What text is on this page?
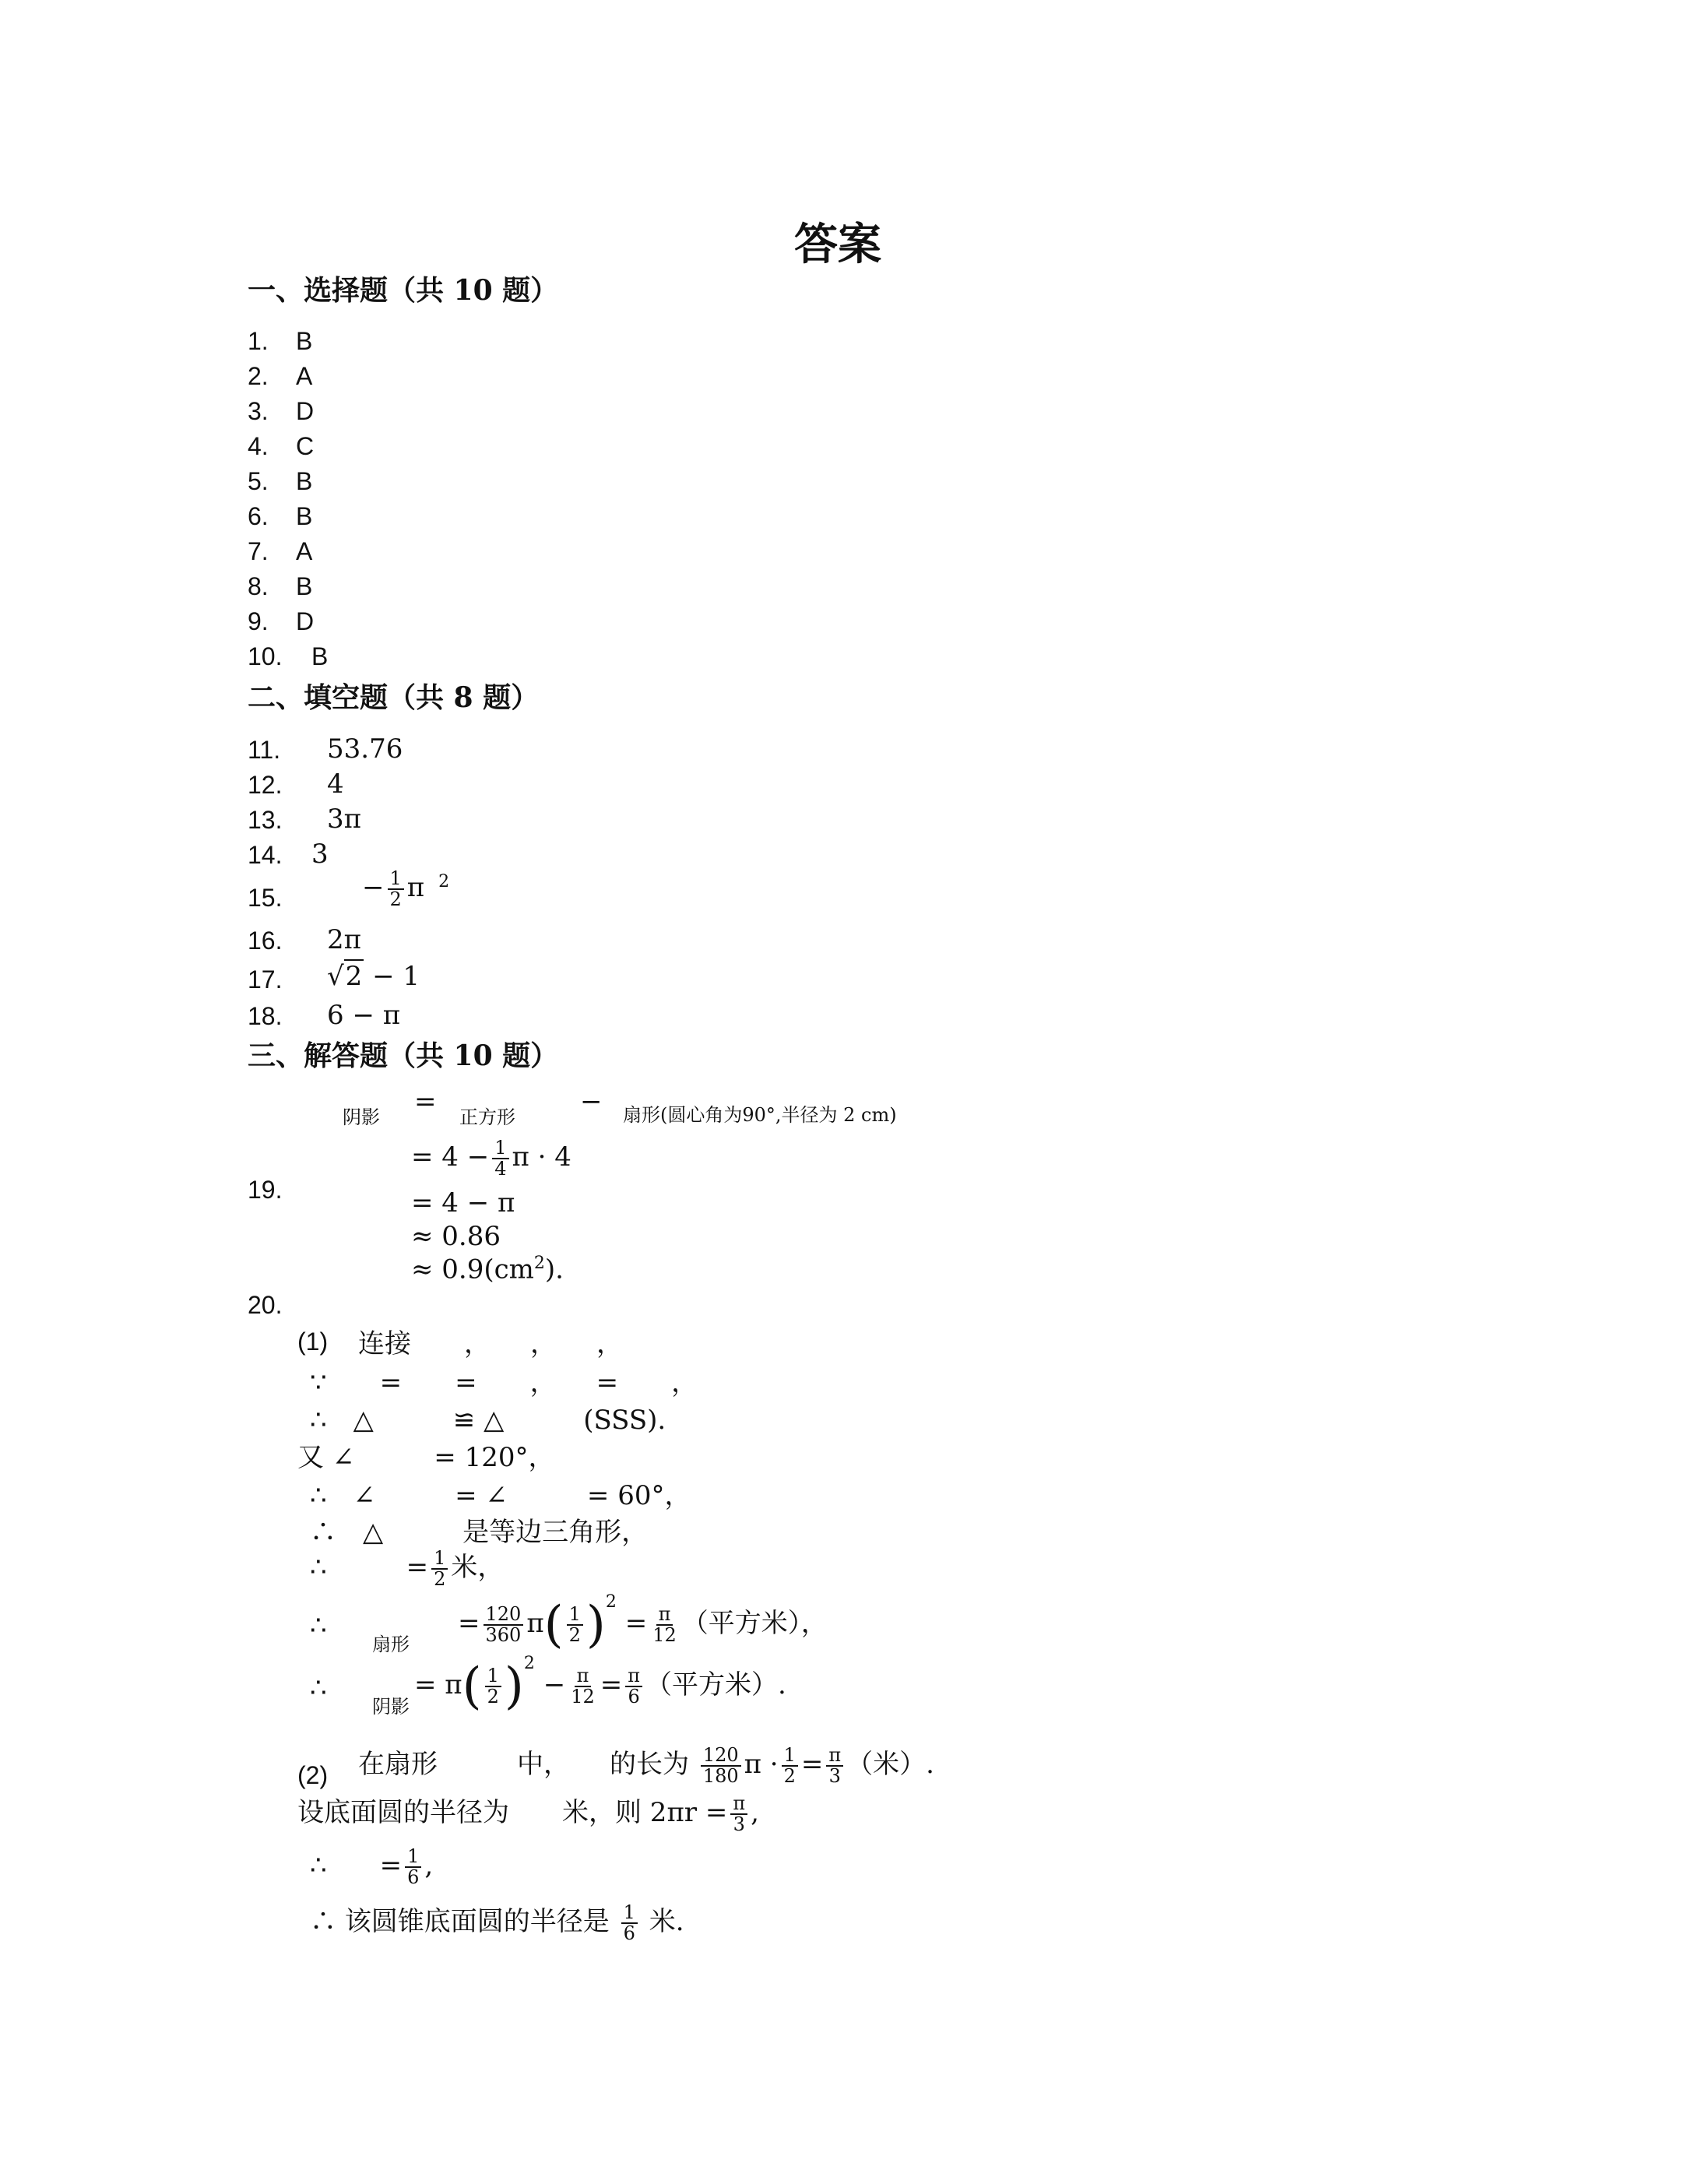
答案
一、选择题（共 10 题）
1. B
2. A
3. D
4. C
5. B
6. B
7. A
8. B
9. D
10. B
二、填空题（共 8 题）
11. 53.76
12. 4
13. 3π
14. 3
15.	− $\frac{1}{2}$ π $^2$
16. 2π
17. √2 − 1
18. 6 − π
三、解答题（共 10 题）
19.
阴影 = 正方形 − 扇形(圆心角为90°,半径为 2 cm)
= $4 - \frac{1}{4}$ π · 4
= 4 − π
≈ 0.86
≈ $0.9(cm^2)$.
20.
(1) 连接　　，　　，　　，
∵　　=　　=　　，　　=　　，
∴　△　　　≌ △　　　(SSS).
又 ∠　　　= 120°，
∴　∠　　　= ∠　　　= 60°，
∴　△　　　是等边三角形，
∴　　　= $\frac{1}{2}$ 米，
∴
扇形
= $\frac{120}{360} \pi( \frac{1}{2} )^2 = \frac{\pi}{12}$ （平方米），
∴
阴影
= $\pi( \frac{1}{2} )^2 - \frac{\pi}{12} = \frac{\pi}{6}$ （平方米）.
(2) 在扇形　　　中，　　的长为 $\frac{120}{180}$ $\pi \cdot \frac{1}{2} = \frac{\pi}{3}$ （米）.
设底面圆的半径为　　米，则 $2\pi r = \frac{\pi}{3}$ ,
∴　　= $\frac{1}{6}$ ,
∴ 该圆锥底面圆的半径是 $\frac{1}{6}$ 米.
